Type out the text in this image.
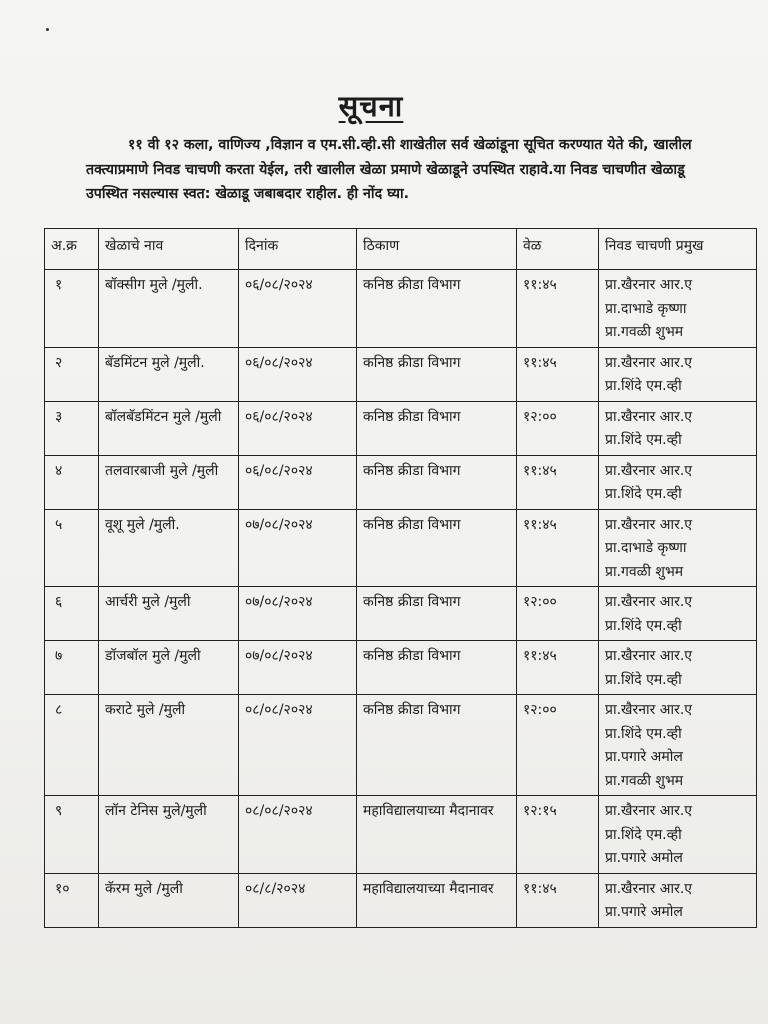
सूचना

११ वी १२ कला, वाणिज्य ,विज्ञान व एम.सी.व्ही.सी शाखेतील सर्व खेळांडूना सूचित करण्यात येते की, खालील तक्त्याप्रमाणे निवड चाचणी करता येईल, तरी खालील खेळा प्रमाणे खेळाडूने उपस्थित राहावे.या निवड चाचणीत खेळाडू उपस्थित नसल्यास स्वत: खेळाडू जबाबदार राहील. ही नोंद घ्या.

अ.क्र	खेळाचे नाव	दिनांक	ठिकाण	वेळ	निवड चाचणी प्रमुख
१	बॉक्सीग मुले /मुली.	०६/०८/२०२४	कनिष्ठ क्रीडा विभाग	११:४५	प्रा.खैरनार आर.ए
प्रा.दाभाडे कृष्णा
प्रा.गवळी शुभम

२	बॅडमिंटन मुले /मुली.	०६/०८/२०२४	कनिष्ठ क्रीडा विभाग	११:४५	प्रा.खैरनार आर.ए
प्रा.शिंदे एम.व्ही

३	बॉलबॅडमिंटन मुले /मुली	०६/०८/२०२४	कनिष्ठ क्रीडा विभाग	१२:००	प्रा.खैरनार आर.ए
प्रा.शिंदे एम.व्ही

४	तलवारबाजी मुले /मुली	०६/०८/२०२४	कनिष्ठ क्रीडा विभाग	११:४५	प्रा.खैरनार आर.ए
प्रा.शिंदे एम.व्ही

५	वूशू मुले /मुली.	०७/०८/२०२४	कनिष्ठ क्रीडा विभाग	११:४५	प्रा.खैरनार आर.ए
प्रा.दाभाडे कृष्णा
प्रा.गवळी शुभम

६	आर्चरी मुले /मुली	०७/०८/२०२४	कनिष्ठ क्रीडा विभाग	१२:००	प्रा.खैरनार आर.ए
प्रा.शिंदे एम.व्ही

७	डॉजबॉल मुले /मुली	०७/०८/२०२४	कनिष्ठ क्रीडा विभाग	११:४५	प्रा.खैरनार आर.ए
प्रा.शिंदे एम.व्ही

८	कराटे मुले /मुली	०८/०८/२०२४	कनिष्ठ क्रीडा विभाग	१२:००	प्रा.खैरनार आर.ए
प्रा.शिंदे एम.व्ही
प्रा.पगारे अमोल
प्रा.गवळी शुभम

९	लॉन टेनिस मुले/मुली	०८/०८/२०२४	महाविद्यालयाच्या मैदानावर	१२:१५	प्रा.खैरनार आर.ए
प्रा.शिंदे एम.व्ही
प्रा.पगारे अमोल

१०	कॅरम मुले /मुली	०८/८/२०२४	महाविद्यालयाच्या मैदानावर	११:४५	प्रा.खैरनार आर.ए
प्रा.पगारे अमोल
